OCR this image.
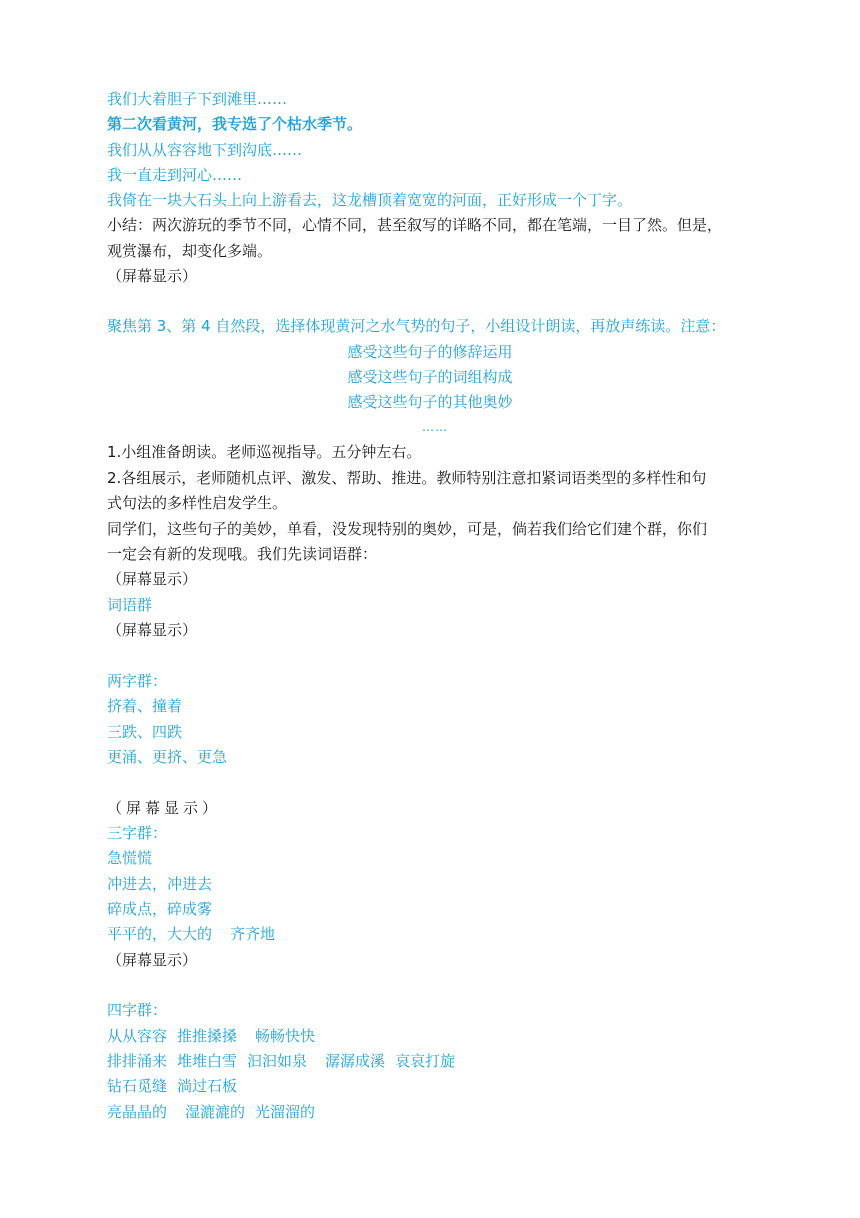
我们大着胆子下到滩里……
第二次看黄河，我专选了个枯水季节。
我们从从容容地下到沟底……
我一直走到河心……
我倚在一块大石头上向上游看去，这龙槽顶着宽宽的河面，正好形成一个丁字。
小结：两次游玩的季节不同，心情不同，甚至叙写的详略不同，都在笔端，一目了然。但是，
观赏瀑布，却变化多端。
（屏幕显示）
聚焦第 3、第 4 自然段，选择体现黄河之水气势的句子，小组设计朗读，再放声练读。注意：
感受这些句子的修辞运用
感受这些句子的词组构成
感受这些句子的其他奥妙
……
1.小组准备朗读。老师巡视指导。五分钟左右。
2.各组展示，老师随机点评、激发、帮助、推进。教师特别注意扣紧词语类型的多样性和句
式句法的多样性启发学生。
同学们，这些句子的美妙，单看，没发现特别的奥妙，可是，倘若我们给它们建个群，你们
一定会有新的发现哦。我们先读词语群：
（屏幕显示）
词语群
（屏幕显示）
两字群：
挤着、撞着
三跌、四跌
更涌、更挤、更急
（屏幕显示）
三字群：
急慌慌
冲进去，冲进去
碎成点，碎成雾
平平的，大大的 齐齐地
（屏幕显示）
四字群：
从从容容 推推搡搡 畅畅快快
排排涌来 堆堆白雪 汩汩如泉 潺潺成溪 哀哀打旋
钻石觅缝 淌过石板
亮晶晶的 湿漉漉的 光溜溜的
